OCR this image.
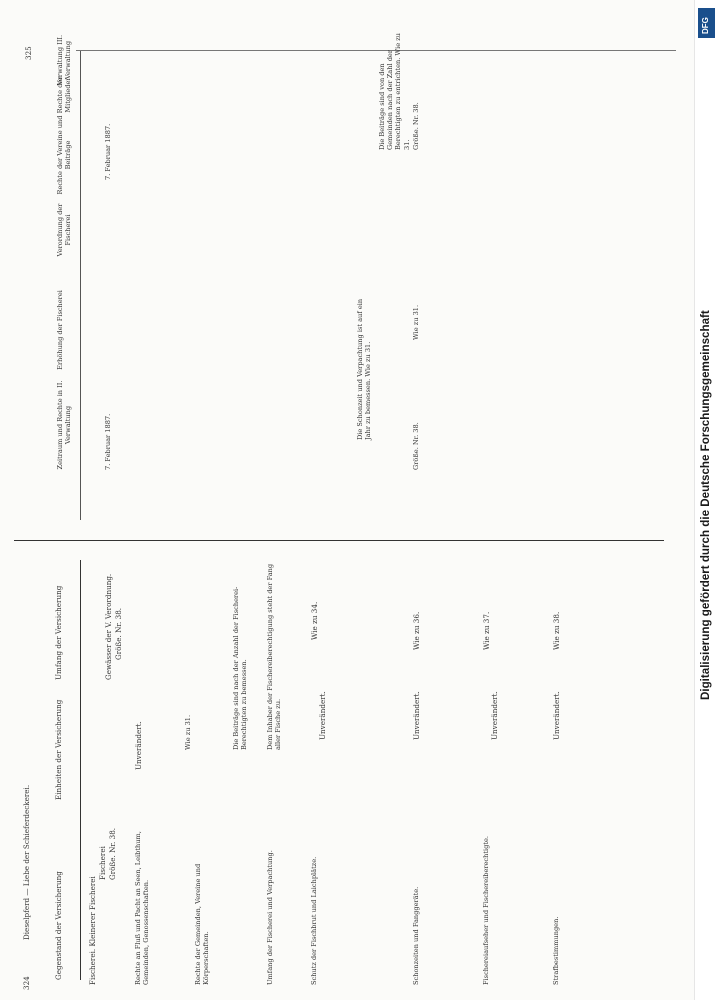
324
325
Dieselpferd — Liebe der Schieferdeckerei.	Gegenstand der Versicherung
Einheiten der Versicherung
Umfang der Versicherung
Fischerei. Kleinerer Fischerei
Fischerei
Gewässer der V. Verordnung.
Größe. Nr. 38.
Größe. Nr. 38.
Rechte an Fluß und Pacht an Seen, Leibthum, Gemeinden, Genossenschaften.
Unverändert.	Wie zu 31.
Rechte der Gemeinden, Vereine und Körperschaften.
Die Beiträge sind nach der Anzahl der Fischerei-Berechtigten zu bemessen.
Umfang der Fischerei und Verpachtung.
Dem Inhaber der Fischereiberechtigung steht der Fang aller Fische zu.
Schutz der Fischbrut und Laichplätze.
Unverändert.
Wie zu 34.
Schonzeiten und Fanggeräte.
Unverändert.
Wie zu 36.
Fischereiaufseher und Fischereiberechtigte.
Unverändert.
Wie zu 37.
Strafbestimmungen.
Unverändert.
Wie zu 38.
Zeitraum und Rechte in II. Verwaltung
Erhöhung der Fischerei
Verordnung der Fischerei
Rechte der Vereine und Beiträge
Rechte der Mitglieder
Verwaltung III. Verwaltung
7. Februar 1887.
Die Schonzeit und Verpachtung ist auf ein Jahr zu bemessen. Wie zu 31.
7. Februar 1887.
Größe. Nr. 38.
Wie zu 31.
Die Beiträge sind von den Gemeinden nach der Zahl der Berechtigten zu entrichten. Wie zu 31. Größe. Nr. 38.
DFG
Digitalisierung gefördert durch die Deutsche Forschungsgemeinschaft
